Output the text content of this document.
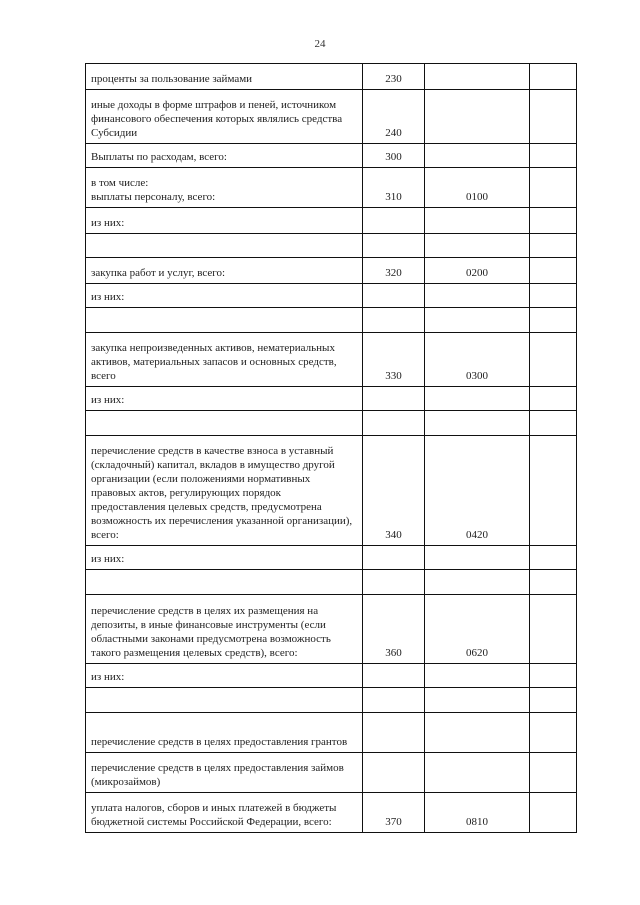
24
проценты за пользование займами	230			
иные доходы в форме штрафов и пеней, источником финансового обеспечения которых являлись средства Субсидии	240			
Выплаты по расходам, всего:	300			
в том числе:
выплаты персоналу, всего:	310	0100		
из них:				

закупка работ и услуг, всего:	320	0200		
из них:				

закупка непроизведенных активов, нематериальных активов, материальных запасов и основных средств, всего	330	0300		
из них:				

перечисление средств в качестве взноса в уставный (складочный) капитал, вкладов в имущество другой организации (если положениями нормативных правовых актов, регулирующих порядок предоставления целевых средств, предусмотрена возможность их перечисления указанной организации), всего:	340	0420		
из них:				

перечисление средств в целях их размещения на депозиты, в иные финансовые инструменты (если областными законами предусмотрена возможность такого размещения целевых средств), всего:	360	0620		
из них:				

перечисление средств в целях предоставления грантов				
перечисление средств в целях предоставления займов (микрозаймов)				
уплата налогов, сборов и иных платежей в бюджеты бюджетной системы Российской Федерации, всего:	370	0810		
